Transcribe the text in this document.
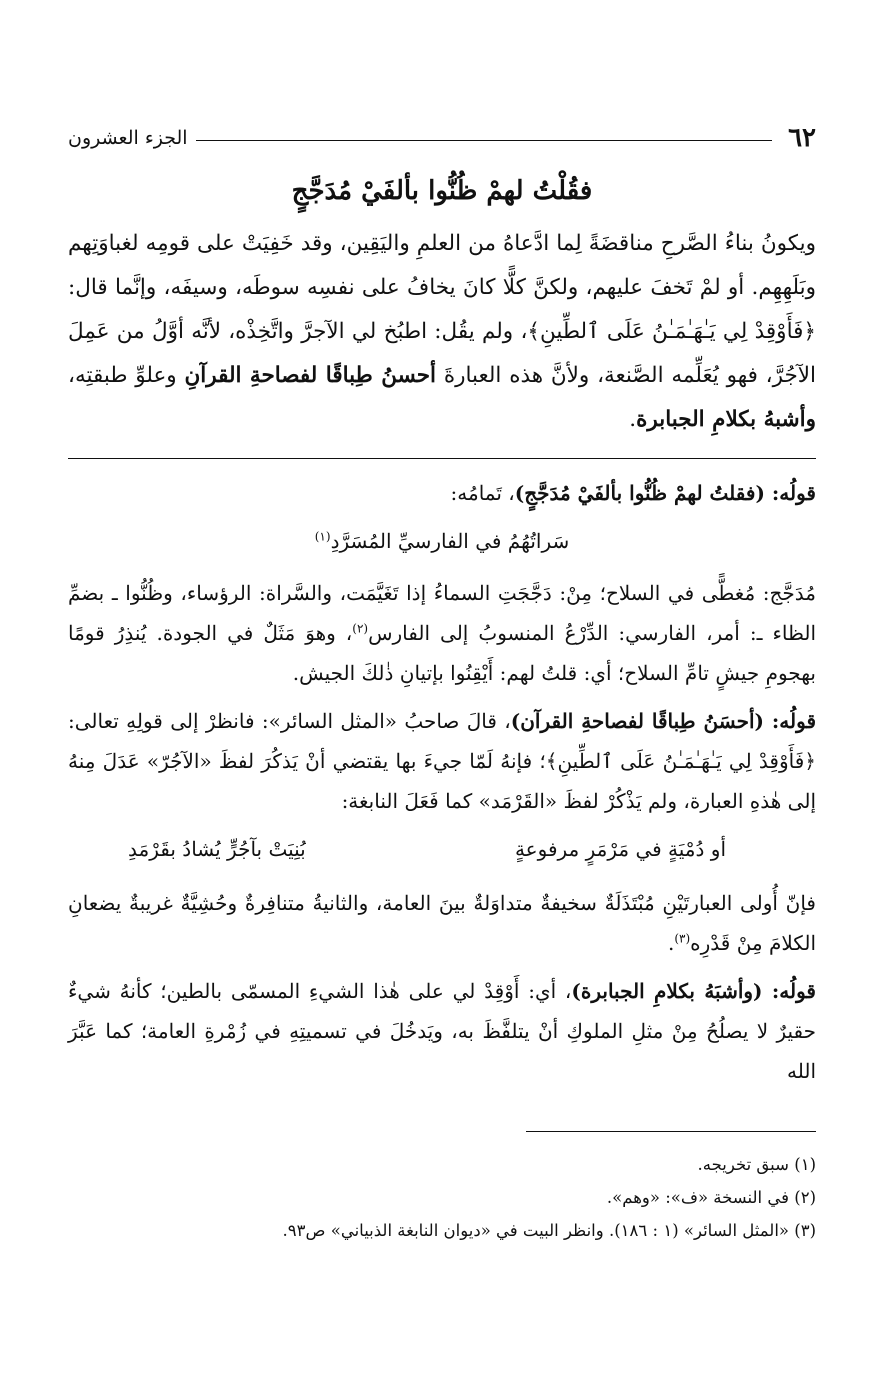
٦٢
الجزء العشرون
فقُلْتُ لهمْ ظُنُّوا بألفَيْ مُدَجَّجٍ

ويكونُ بناءُ الصَّرحِ مناقضَةً لِما ادَّعاهُ من العلمِ واليَقِين، وقد خَفِيَتْ على قومِه لغباوَتِهم وبَلَهِهِم. أو لمْ تَخفَ عليهم، ولكنَّ كلًّا كانَ يخافُ على نفسِه سوطَه، وسيفَه، وإنَّما قال: ﴿فَأَوْقِدْ لِي يَـٰهَـٰمَـٰنُ عَلَى ٱلطِّينِ﴾، ولم يقُل: اطبُخ لي الآجرَّ واتَّخِذْه، لأنَّه أوَّلُ من عَمِلَ الآجُرَّ، فهو يُعَلِّمه الصَّنعة، ولأنَّ هذه العبارةَ أحسنُ طِباقًا لفصاحةِ القرآنِ وعلوِّ طبقتِه، وأشبهُ بكلامِ الجبابرة.

قولُه: (فقلتُ لهمْ ظُنُّوا بألفَيْ مُدَجَّجٍ)، تَمامُه:

سَراتُهُمُ في الفارسيِّ المُسَرَّدِ$^{(١)}$

مُدَجَّج: مُغطًّى في السلاح؛ مِنْ: دَجَّجَتِ السماءُ إذا تَغَيَّمَت، والسَّراة: الرؤساء، وظُنُّوا ـ بضمِّ الظاء ـ: أمر، الفارسي: الدِّرْعُ المنسوبُ إلى الفارس$^{(٢)}$، وهوَ مَثَلٌ في الجودة. يُنذِرُ قومًا بهجومِ جيشٍ تامِّ السلاح؛ أي: قلتُ لهم: أَيْقِنُوا بإتيانِ ذٰلكَ الجيش.

قولُه: (أحسَنُ طِباقًا لفصاحةِ القرآن)، قالَ صاحبُ «المثل السائر»: فانظرْ إلى قولِهِ تعالى: ﴿فَأَوْقِدْ لِي يَـٰهَـٰمَـٰنُ عَلَى ٱلطِّينِ﴾؛ فإنهُ لَمّا جيءَ بها يقتضي أنْ يَذكُرَ لفظَ «الآجُرّ» عَدَلَ مِنهُ إلى هٰذهِ العبارة، ولم يَذْكُرْ لفظَ «القَرْمَد» كما فَعَلَ النابغة:

أو دُمْيَةٍ في مَرْمَرٍ مرفوعةٍ
بُنِيَتْ بآجُرٍّ يُشادُ بقَرْمَدِ

فإنّ أُولى العبارتَيْنِ مُبْتَذَلَةٌ سخيفةٌ متداوَلةٌ بينَ العامة، والثانيةُ متنافِرةٌ وحُشِيَّةٌ غريبةٌ يضعانِ الكلامَ مِنْ قَدْرِه$^{(٣)}$.

قولُه: (وأشبَهُ بكلامِ الجبابرة)، أي: أَوْقِدْ لي على هٰذا الشيءِ المسمّى بالطين؛ كأنهُ شيءٌ حقيرٌ لا يصلُحُ مِنْ مثلِ الملوكِ أنْ يتلفَّظَ به، ويَدخُلَ في تسميتِهِ في زُمْرةِ العامة؛ كما عَبَّرَ الله

(١) سبق تخريجه.

(٢) في النسخة «ف»: «وهم».

(٣) «المثل السائر» (١ : ١٨٦). وانظر البيت في «ديوان النابغة الذبياني» ص٩٣.
